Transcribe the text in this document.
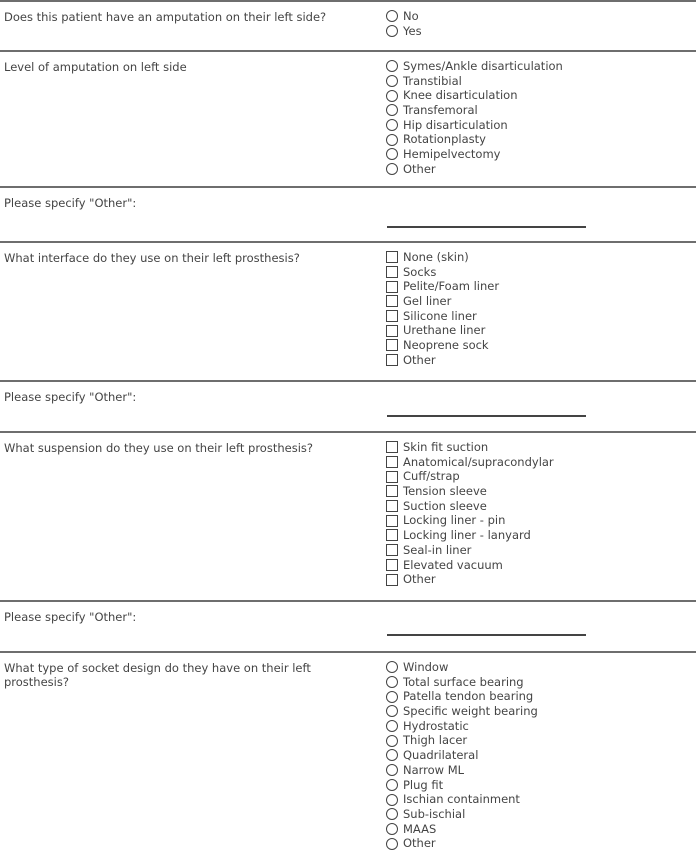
Does this patient have an amputation on their left side?	No
Yes
Level of amputation on left side	Symes/Ankle disarticulation
Transtibial
Knee disarticulation
Transfemoral
Hip disarticulation
Rotationplasty
Hemipelvectomy
Other
Please specify "Other":
What interface do they use on their left prosthesis?	None (skin)
Socks
Pelite/Foam liner
Gel liner
Silicone liner
Urethane liner
Neoprene sock
Other
Please specify "Other":
What suspension do they use on their left prosthesis?	Skin fit suction
Anatomical/supracondylar
Cuff/strap
Tension sleeve
Suction sleeve
Locking liner - pin
Locking liner - lanyard
Seal-in liner
Elevated vacuum
Other
Please specify "Other":
What type of socket design do they have on their left prosthesis?
Window
Total surface bearing
Patella tendon bearing
Specific weight bearing
Hydrostatic
Thigh lacer
Quadrilateral
Narrow ML
Plug fit
Ischian containment
Sub-ischial
MAAS
Other
